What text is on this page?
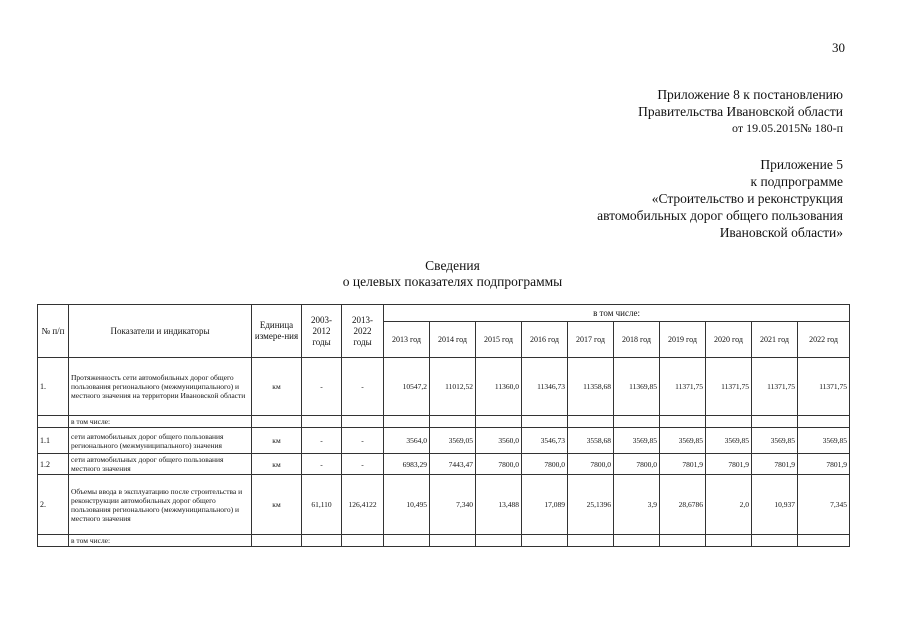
30
Приложение 8 к постановлению
Правительства Ивановской области
от 19.05.2015№ 180-п
Приложение 5
к подпрограмме
«Строительство и реконструкция
автомобильных дорог общего пользования
Ивановской области»
Сведения
о целевых показателях подпрограммы
№ п/п	Показатели и индикаторы	Единица измере-ния	2003-2012 годы	2013-2022 годы	в том числе:									
					2013 год	2014 год	2015 год	2016 год	2017 год	2018 год	2019 год	2020 год	2021 год	2022 год
1.	Протяженность сети автомобильных дорог общего пользования регионального (межмуниципального) и местного значения на территории Ивановской области	км	-	-	10547,2	11012,52	11360,0	11346,73	11358,68	11369,85	11371,75	11371,75	11371,75	11371,75
	в том числе:													
1.1	сети автомобильных дорог общего пользования регионального (межмуниципального) значения	км	-	-	3564,0	3569,05	3560,0	3546,73	3558,68	3569,85	3569,85	3569,85	3569,85	3569,85
1.2	сети автомобильных дорог общего пользования местного значения	км	-	-	6983,29	7443,47	7800,0	7800,0	7800,0	7800,0	7801,9	7801,9	7801,9	7801,9
2.	Объемы ввода в эксплуатацию после строительства и реконструкции автомобильных дорог общего пользования регионального (межмуниципального) и местного значения	км	61,110	126,4122	10,495	7,340	13,488	17,089	25,1396	3,9	28,6786	2,0	10,937	7,345
	в том числе:													
